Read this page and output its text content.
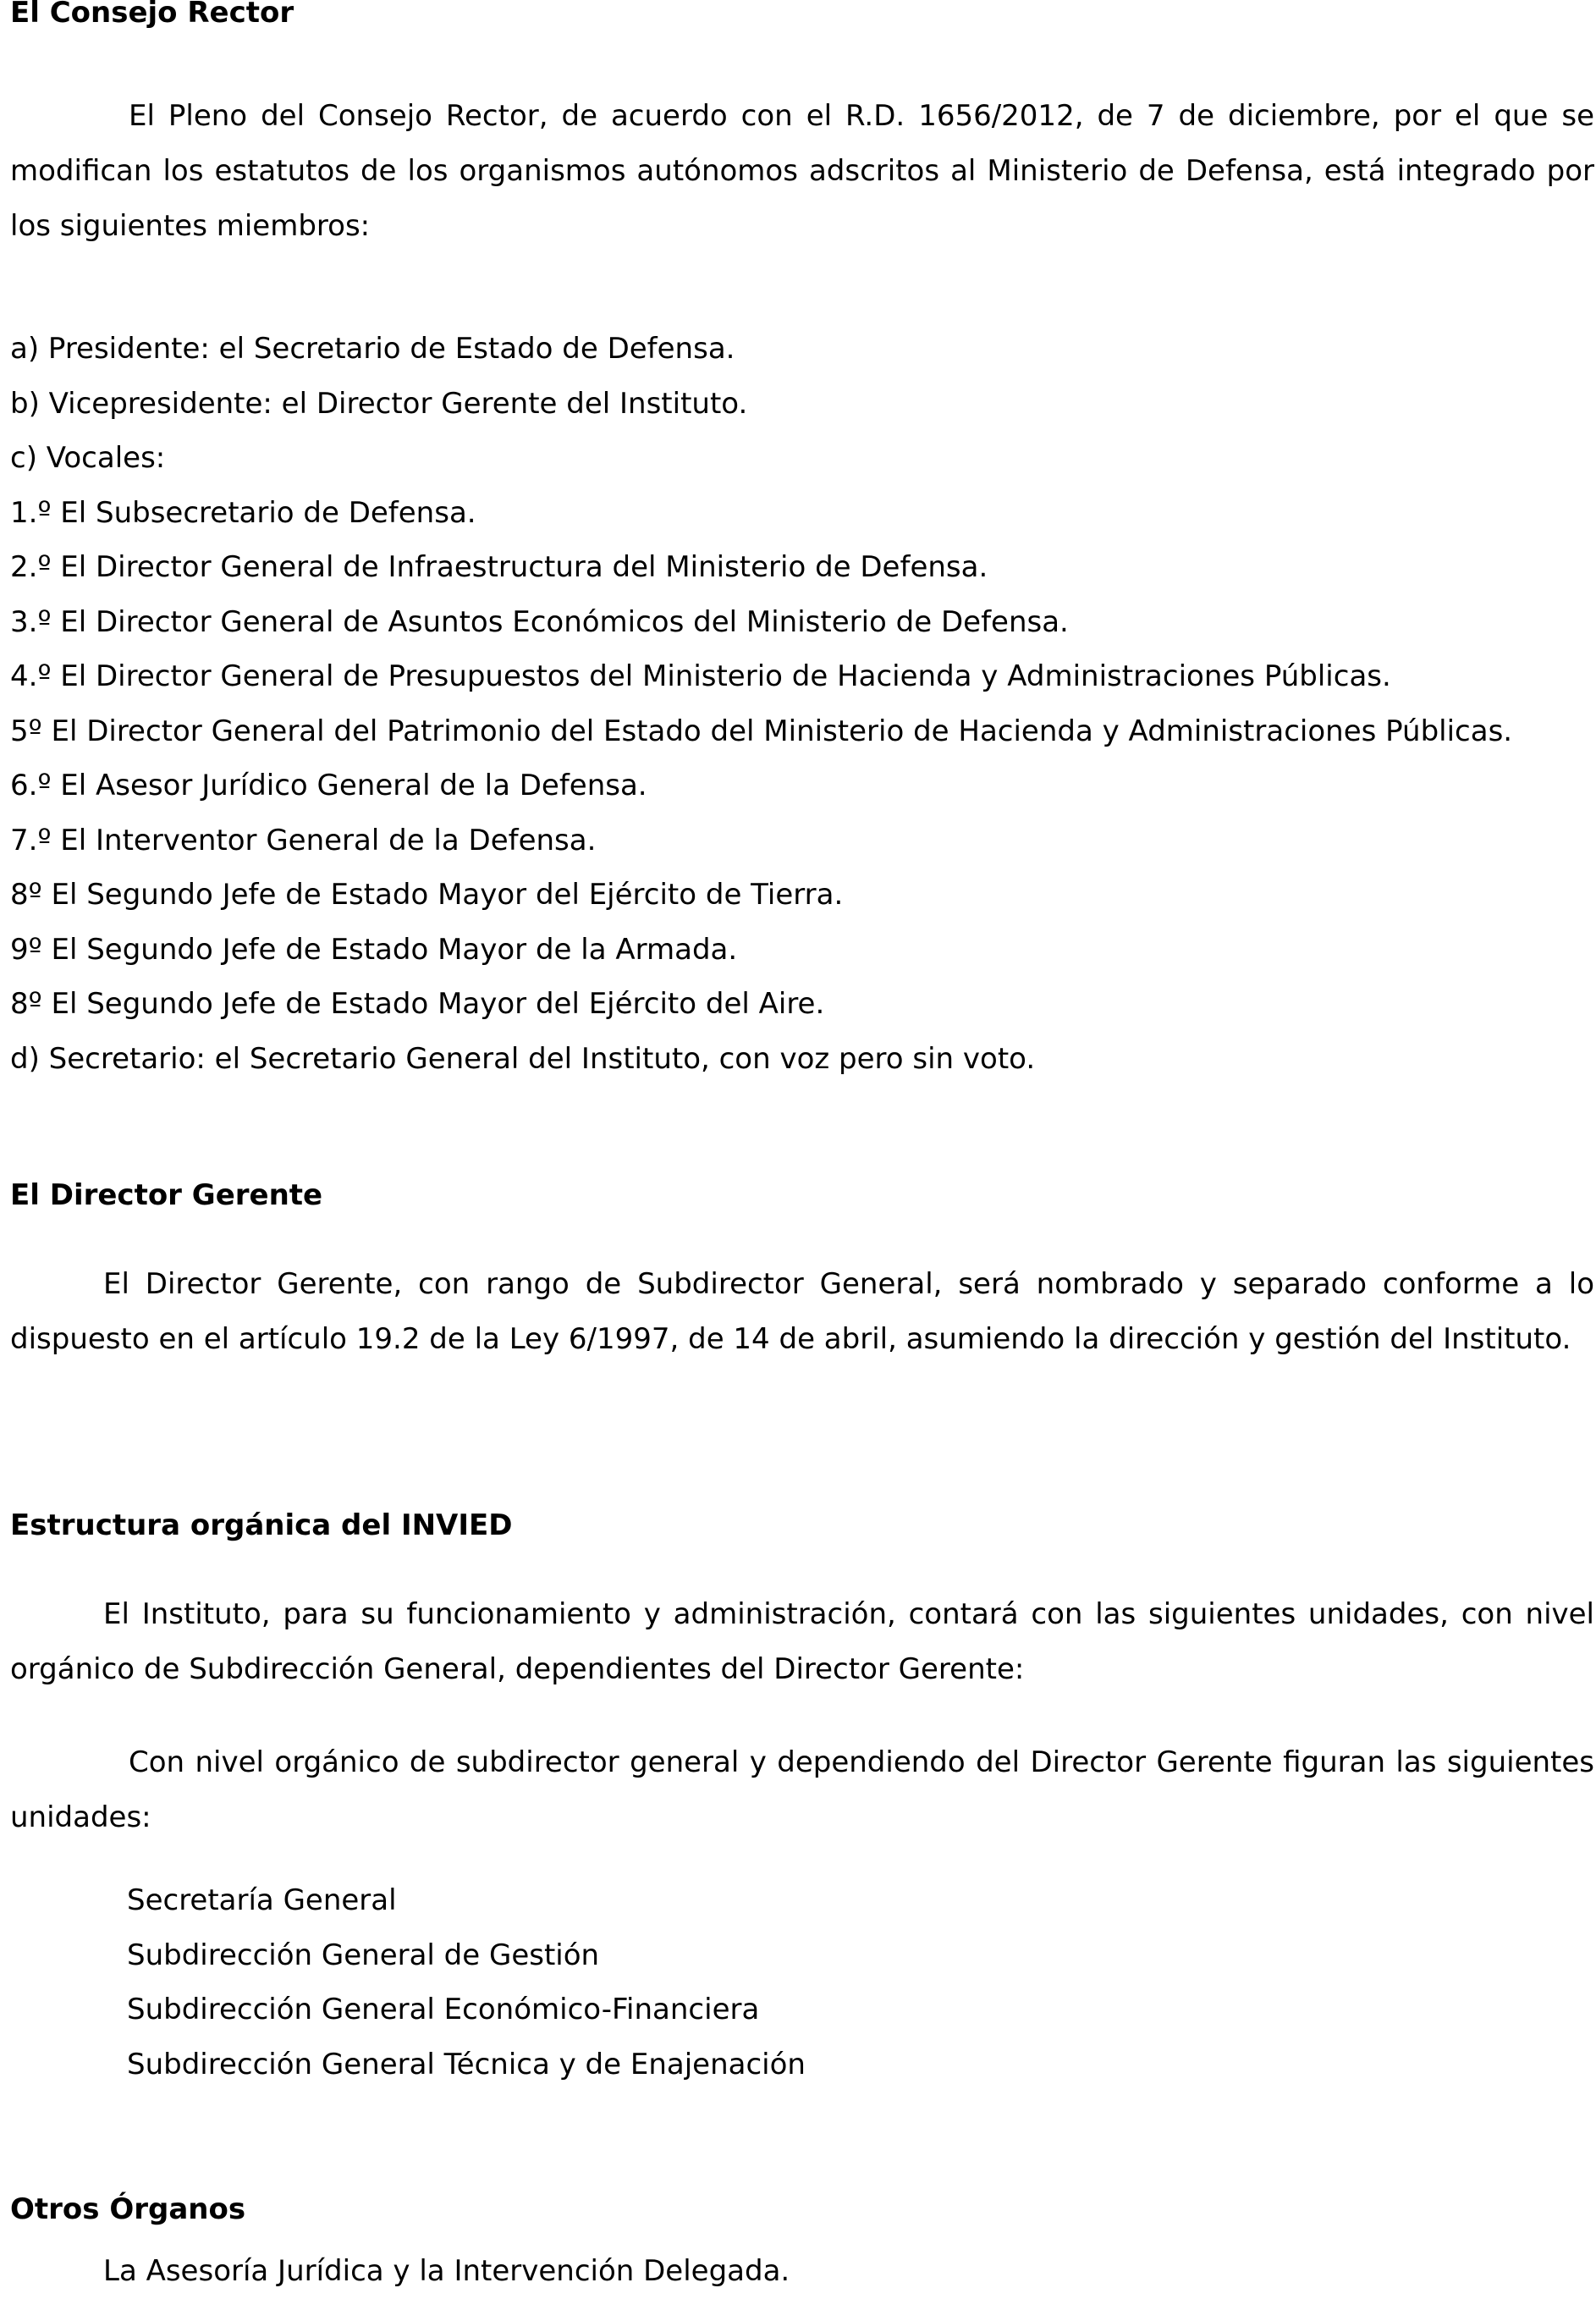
El Consejo Rector

El Pleno del Consejo Rector, de acuerdo con el R.D. 1656/2012, de 7 de diciembre, por el que se modifican los estatutos de los organismos autónomos adscritos al Ministerio de Defensa, está integrado por los siguientes miembros:

a) Presidente: el Secretario de Estado de Defensa.
b) Vicepresidente: el Director Gerente del Instituto.
c) Vocales:
1.º El Subsecretario de Defensa.
2.º El Director General de Infraestructura del Ministerio de Defensa.
3.º El Director General de Asuntos Económicos del Ministerio de Defensa.
4.º El Director General de Presupuestos del Ministerio de Hacienda y Administraciones Públicas.
5º El Director General del Patrimonio del Estado del Ministerio de Hacienda y Administraciones Públicas.
6.º El Asesor Jurídico General de la Defensa.
7.º El Interventor General de la Defensa.
8º El Segundo Jefe de Estado Mayor del Ejército de Tierra.
9º El Segundo Jefe de Estado Mayor de la Armada.
8º El Segundo Jefe de Estado Mayor del Ejército del Aire.
d) Secretario: el Secretario General del Instituto, con voz pero sin voto.
El Director Gerente

El Director Gerente, con rango de Subdirector General, será nombrado y separado conforme a lo dispuesto en el artículo 19.2 de la Ley 6/1997, de 14 de abril, asumiendo la dirección y gestión del Instituto.

Estructura orgánica del INVIED

El Instituto, para su funcionamiento y administración, contará con las siguientes unidades, con nivel orgánico de Subdirección General, dependientes del Director Gerente:

Con nivel orgánico de subdirector general y dependiendo del Director Gerente figuran las siguientes unidades:

Secretaría General
Subdirección General de Gestión
Subdirección General Económico-Financiera
Subdirección General Técnica y de Enajenación
Otros Órganos

La Asesoría Jurídica y la Intervención Delegada.
